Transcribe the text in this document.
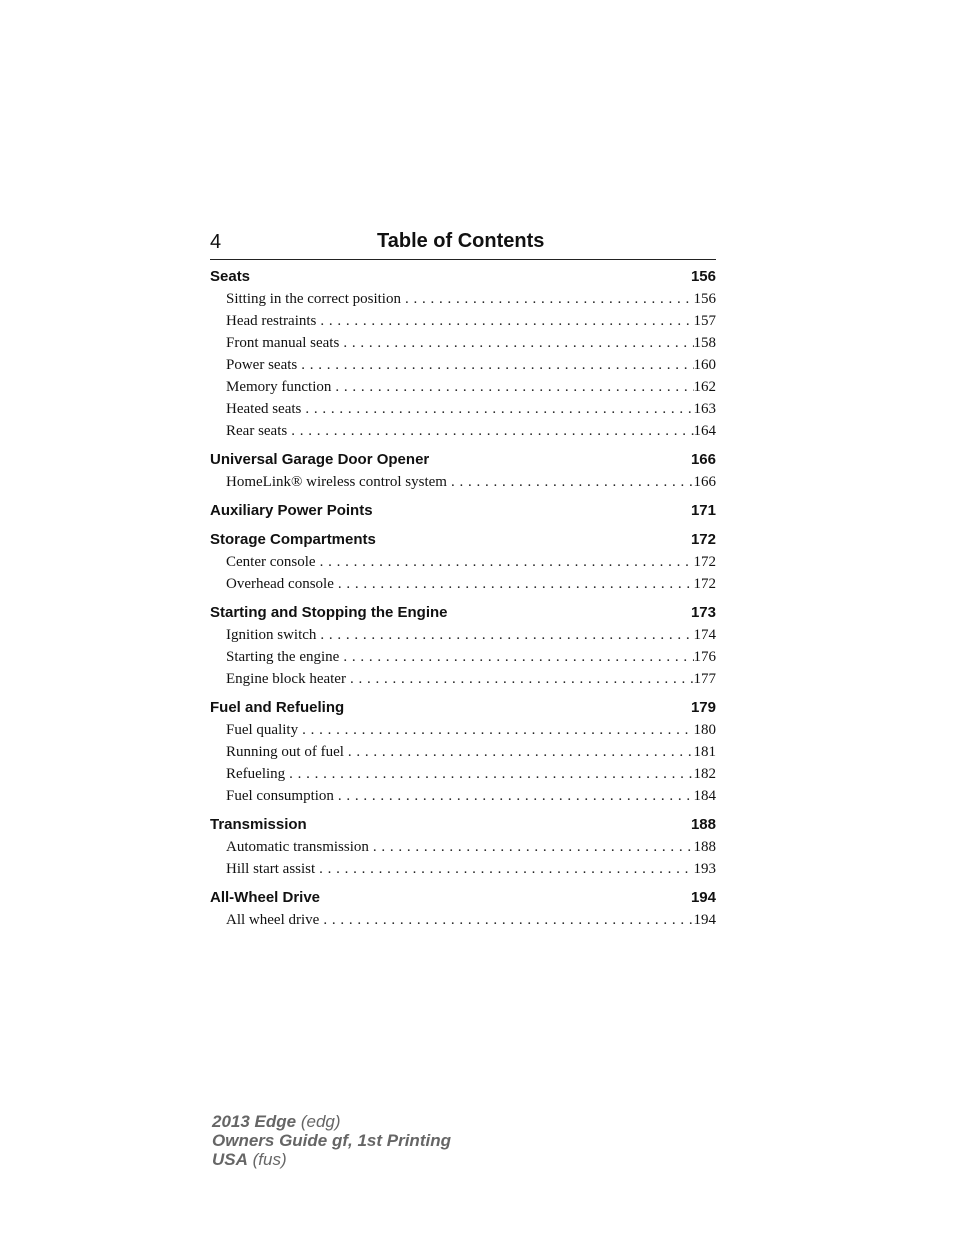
4	Table of Contents
Seats	156
Sitting in the correct position . . .	156
Head restraints . . .	157
Front manual seats . . .	158
Power seats . . .	160
Memory function . . .	162
Heated seats . . .	163
Rear seats . . .	164
Universal Garage Door Opener	166
HomeLink® wireless control system . . .	166
Auxiliary Power Points	171
Storage Compartments	172
Center console . . .	172
Overhead console . . .	172
Starting and Stopping the Engine	173
Ignition switch . . .	174
Starting the engine . . .	176
Engine block heater . . .	177
Fuel and Refueling	179
Fuel quality . . .	180
Running out of fuel . . .	181
Refueling . . .	182
Fuel consumption . . .	184
Transmission	188
Automatic transmission . . .	188
Hill start assist . . .	193
All-Wheel Drive	194
All wheel drive . . .	194
2013 Edge (edg)
Owners Guide gf, 1st Printing
USA (fus)
